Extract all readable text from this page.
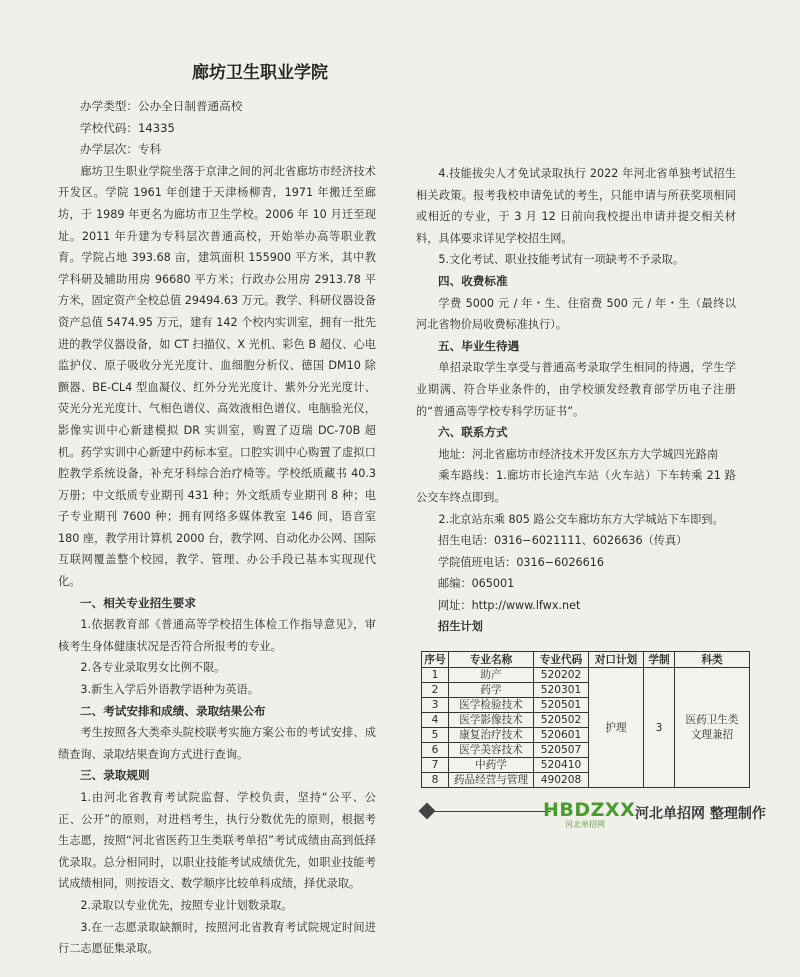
廊坊卫生职业学院
办学类型：公办全日制普通高校
学校代码：14335
办学层次：专科

廊坊卫生职业学院坐落于京津之间的河北省廊坊市经济技术开发区。学院 1961 年创建于天津杨柳青，1971 年搬迁至廊坊，于 1989 年更名为廊坊市卫生学校。2006 年 10 月迁至现址。2011 年升建为专科层次普通高校，开始举办高等职业教育。学院占地 393.68 亩，建筑面积 155900 平方米，其中教学科研及辅助用房 96680 平方米；行政办公用房 2913.78 平方米，固定资产全校总值 29494.63 万元。教学、科研仪器设备资产总值 5474.95 万元，建有 142 个校内实训室，拥有一批先进的教学仪器设备，如 CT 扫描仪、X 光机、彩色 B 超仪、心电监护仪、原子吸收分光光度计、血细胞分析仪、德国 DM10 除颤器、BE-CL4 型血凝仪、红外分光光度计、紫外分光光度计、荧光分光光度计、气相色谱仪、高效液相色谱仪、电脑验光仪，影像实训中心新建模拟 DR 实训室，购置了迈瑞 DC-70B 超机。药学实训中心新建中药标本室。口腔实训中心购置了虚拟口腔教学系统设备，补充牙科综合治疗椅等。学校纸质藏书 40.3 万册；中文纸质专业期刊 431 种；外文纸质专业期刊 8 种；电子专业期刊 7600 种；拥有网络多媒体教室 146 间，语音室 180 座，教学用计算机 2000 台，教学网、自动化办公网、国际互联网覆盖整个校园，教学、管理、办公手段已基本实现现代化。

一、相关专业招生要求

1.依据教育部《普通高等学校招生体检工作指导意见》，审核考生身体健康状况是否符合所报考的专业。

2.各专业录取男女比例不限。

3.新生入学后外语教学语种为英语。

二、考试安排和成绩、录取结果公布

考生按照各大类牵头院校联考实施方案公布的考试安排、成绩查询、录取结果查询方式进行查询。

三、录取规则

1.由河北省教育考试院监督、学校负责，坚持“公平、公正、公开”的原则，对进档考生，执行分数优先的原则，根据考生志愿，按照“河北省医药卫生类联考单招”考试成绩由高到低择优录取。总分相同时，以职业技能考试成绩优先，如职业技能考试成绩相同，则按语文、数学顺序比较单科成绩，择优录取。

2.录取以专业优先，按照专业计划数录取。

3.在一志愿录取缺额时，按照河北省教育考试院规定时间进行二志愿征集录取。

4.技能拔尖人才免试录取执行 2022 年河北省单独考试招生相关政策。报考我校申请免试的考生，只能申请与所获奖项相同或相近的专业，于 3 月 12 日前向我校提出申请并提交相关材料，具体要求详见学校招生网。

5.文化考试、职业技能考试有一项缺考不予录取。

四、收费标准

学费 5000 元 / 年・生、住宿费 500 元 / 年・生（最终以河北省物价局收费标准执行）。

五、毕业生待遇

单招录取学生享受与普通高考录取学生相同的待遇，学生学业期满、符合毕业条件的，由学校颁发经教育部学历电子注册的“普通高等学校专科学历证书”。

六、联系方式

地址：河北省廊坊市经济技术开发区东方大学城四光路南

乘车路线：1.廊坊市长途汽车站（火车站）下车转乘 21 路公交车终点即到。

2.北京站东乘 805 路公交车廊坊东方大学城站下车即到。

招生电话：0316−6021111、6026636（传真）
学院值班电话：0316−6026616
邮编：065001
网址：http://www.lfwx.net
招生计划
序号	专业名称	专业代码	对口计划	学制	科类
1	助产	520202	护理	3	医药卫生类文理兼招
2	药学	520301			
3	医学检验技术	520501			
4	医学影像技术	520502			
5	康复治疗技术	520601			
6	医学美容技术	520507			
7	中药学	520410			
8	药品经营与管理	490208			
HBDZXX
河北单招网
河北单招网 整理制作
